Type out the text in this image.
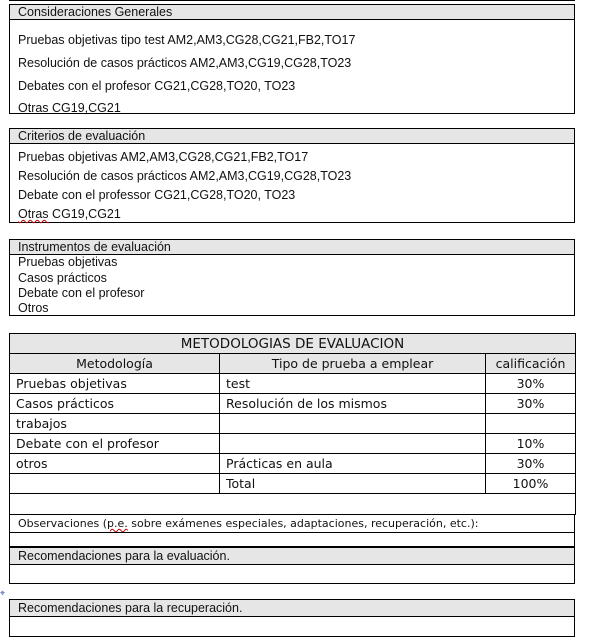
Consideraciones Generales
Pruebas objetivas tipo test AM2,AM3,CG28,CG21,FB2,TO17
Resolución de casos prácticos AM2,AM3,CG19,CG28,TO23
Debates con el profesor CG21,CG28,TO20, TO23
Otras CG19,CG21
Criterios de evaluación
Pruebas objetivas AM2,AM3,CG28,CG21,FB2,TO17
Resolución de casos prácticos AM2,AM3,CG19,CG28,TO23
Debate con el professor CG21,CG28,TO20, TO23
Otras CG19,CG21
Instrumentos de evaluación
Pruebas objetivas
Casos prácticos
Debate con el profesor
Otros
METODOLOGIAS DE EVALUACION		
Metodología	Tipo de prueba a emplear	calificación
Pruebas objetivas	test	30%
Casos prácticos	Resolución de los mismos	30%
trabajos		
Debate con el profesor		10%
otros	Prácticas en aula	30%
	Total	100%

Observaciones (p.e. sobre exámenes especiales, adaptaciones, recuperación, etc.):
Recomendaciones para la evaluación.
⌖
Recomendaciones para la recuperación.
